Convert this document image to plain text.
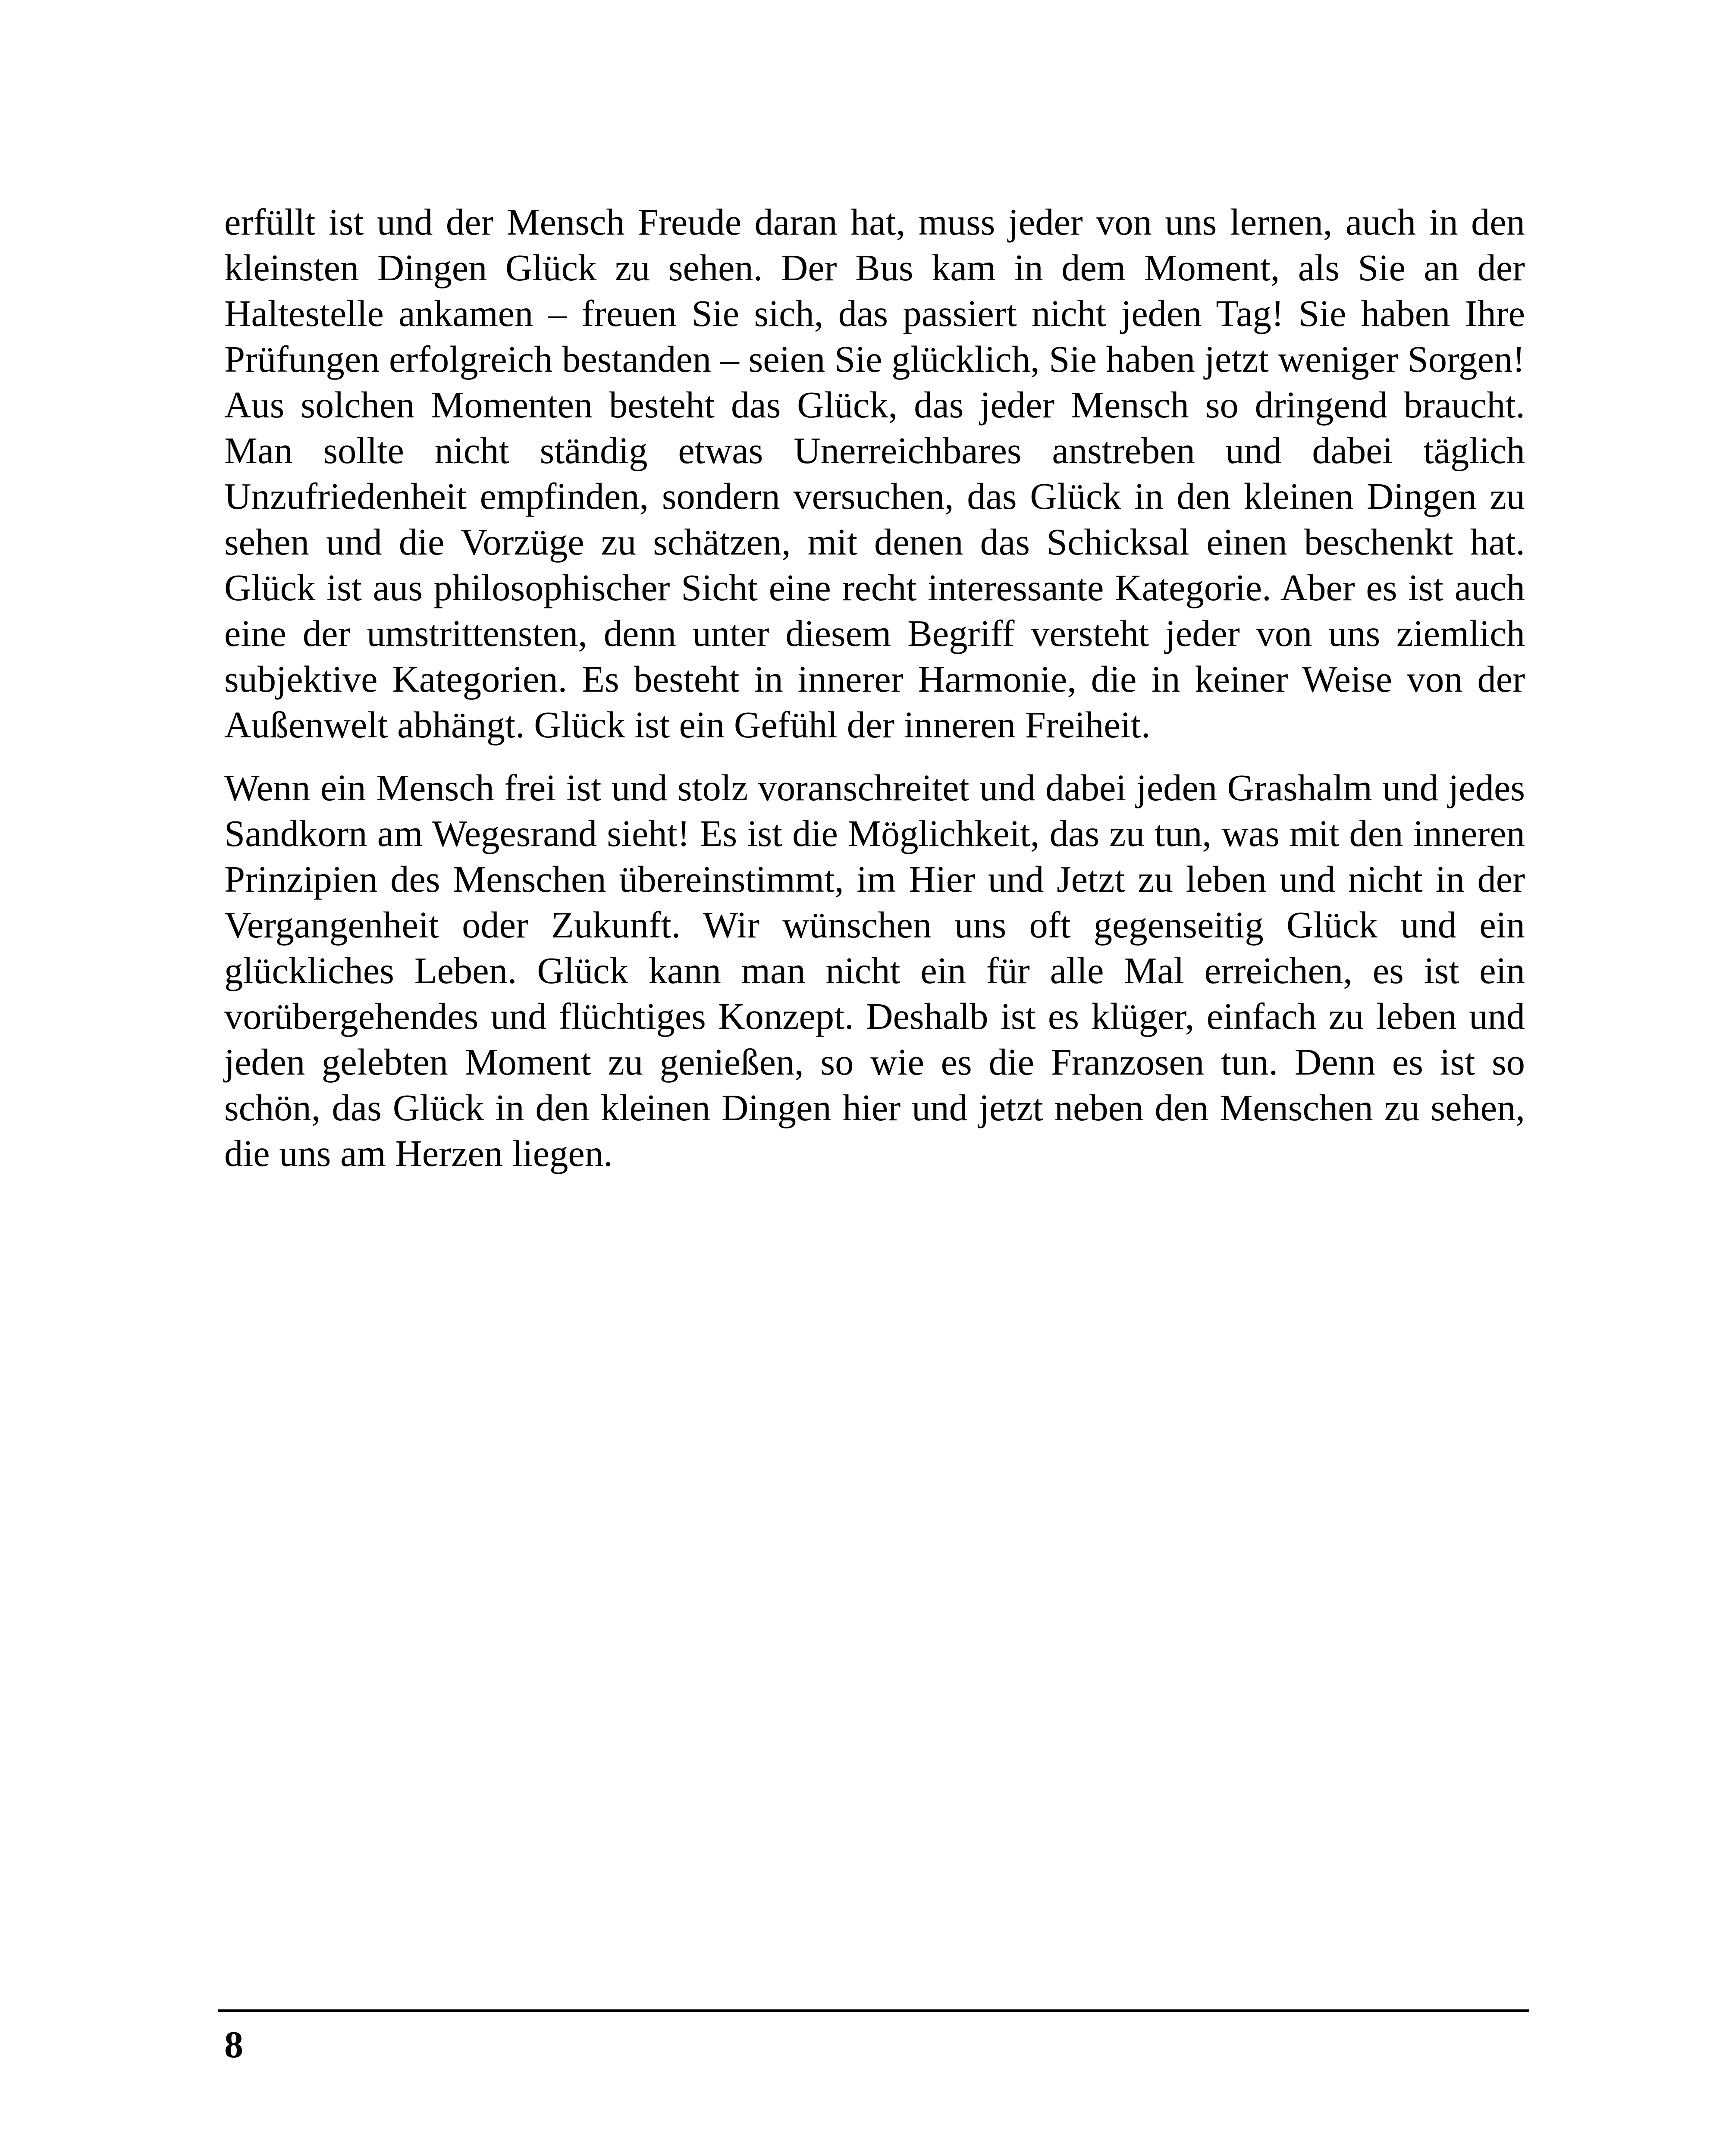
erfüllt ist und der Mensch Freude daran hat, muss jeder von uns lernen, auch in den kleinsten Dingen Glück zu sehen. Der Bus kam in dem Moment, als Sie an der Haltestelle ankamen – freuen Sie sich, das passiert nicht jeden Tag! Sie haben Ihre Prüfungen erfolgreich bestanden – seien Sie glücklich, Sie haben jetzt weniger Sorgen! Aus solchen Momenten besteht das Glück, das jeder Mensch so dringend braucht. Man sollte nicht ständig etwas Unerreichbares anstreben und dabei täglich Unzufriedenheit empfinden, sondern versuchen, das Glück in den kleinen Dingen zu sehen und die Vorzüge zu schätzen, mit denen das Schicksal einen beschenkt hat. Glück ist aus philosophischer Sicht eine recht interessante Kategorie. Aber es ist auch eine der umstrittensten, denn unter diesem Begriff versteht jeder von uns ziemlich subjektive Kategorien. Es besteht in innerer Harmonie, die in keiner Weise von der Außenwelt abhängt. Glück ist ein Gefühl der inneren Freiheit.

Wenn ein Mensch frei ist und stolz voranschreitet und dabei jeden Grashalm und jedes Sandkorn am Wegesrand sieht! Es ist die Möglichkeit, das zu tun, was mit den inneren Prinzipien des Menschen übereinstimmt, im Hier und Jetzt zu leben und nicht in der Vergangenheit oder Zukunft. Wir wünschen uns oft gegenseitig Glück und ein glückliches Leben. Glück kann man nicht ein für alle Mal erreichen, es ist ein vorübergehendes und flüchtiges Konzept. Deshalb ist es klüger, einfach zu leben und jeden gelebten Moment zu genießen, so wie es die Franzosen tun. Denn es ist so schön, das Glück in den kleinen Dingen hier und jetzt neben den Menschen zu sehen, die uns am Herzen liegen.

8
